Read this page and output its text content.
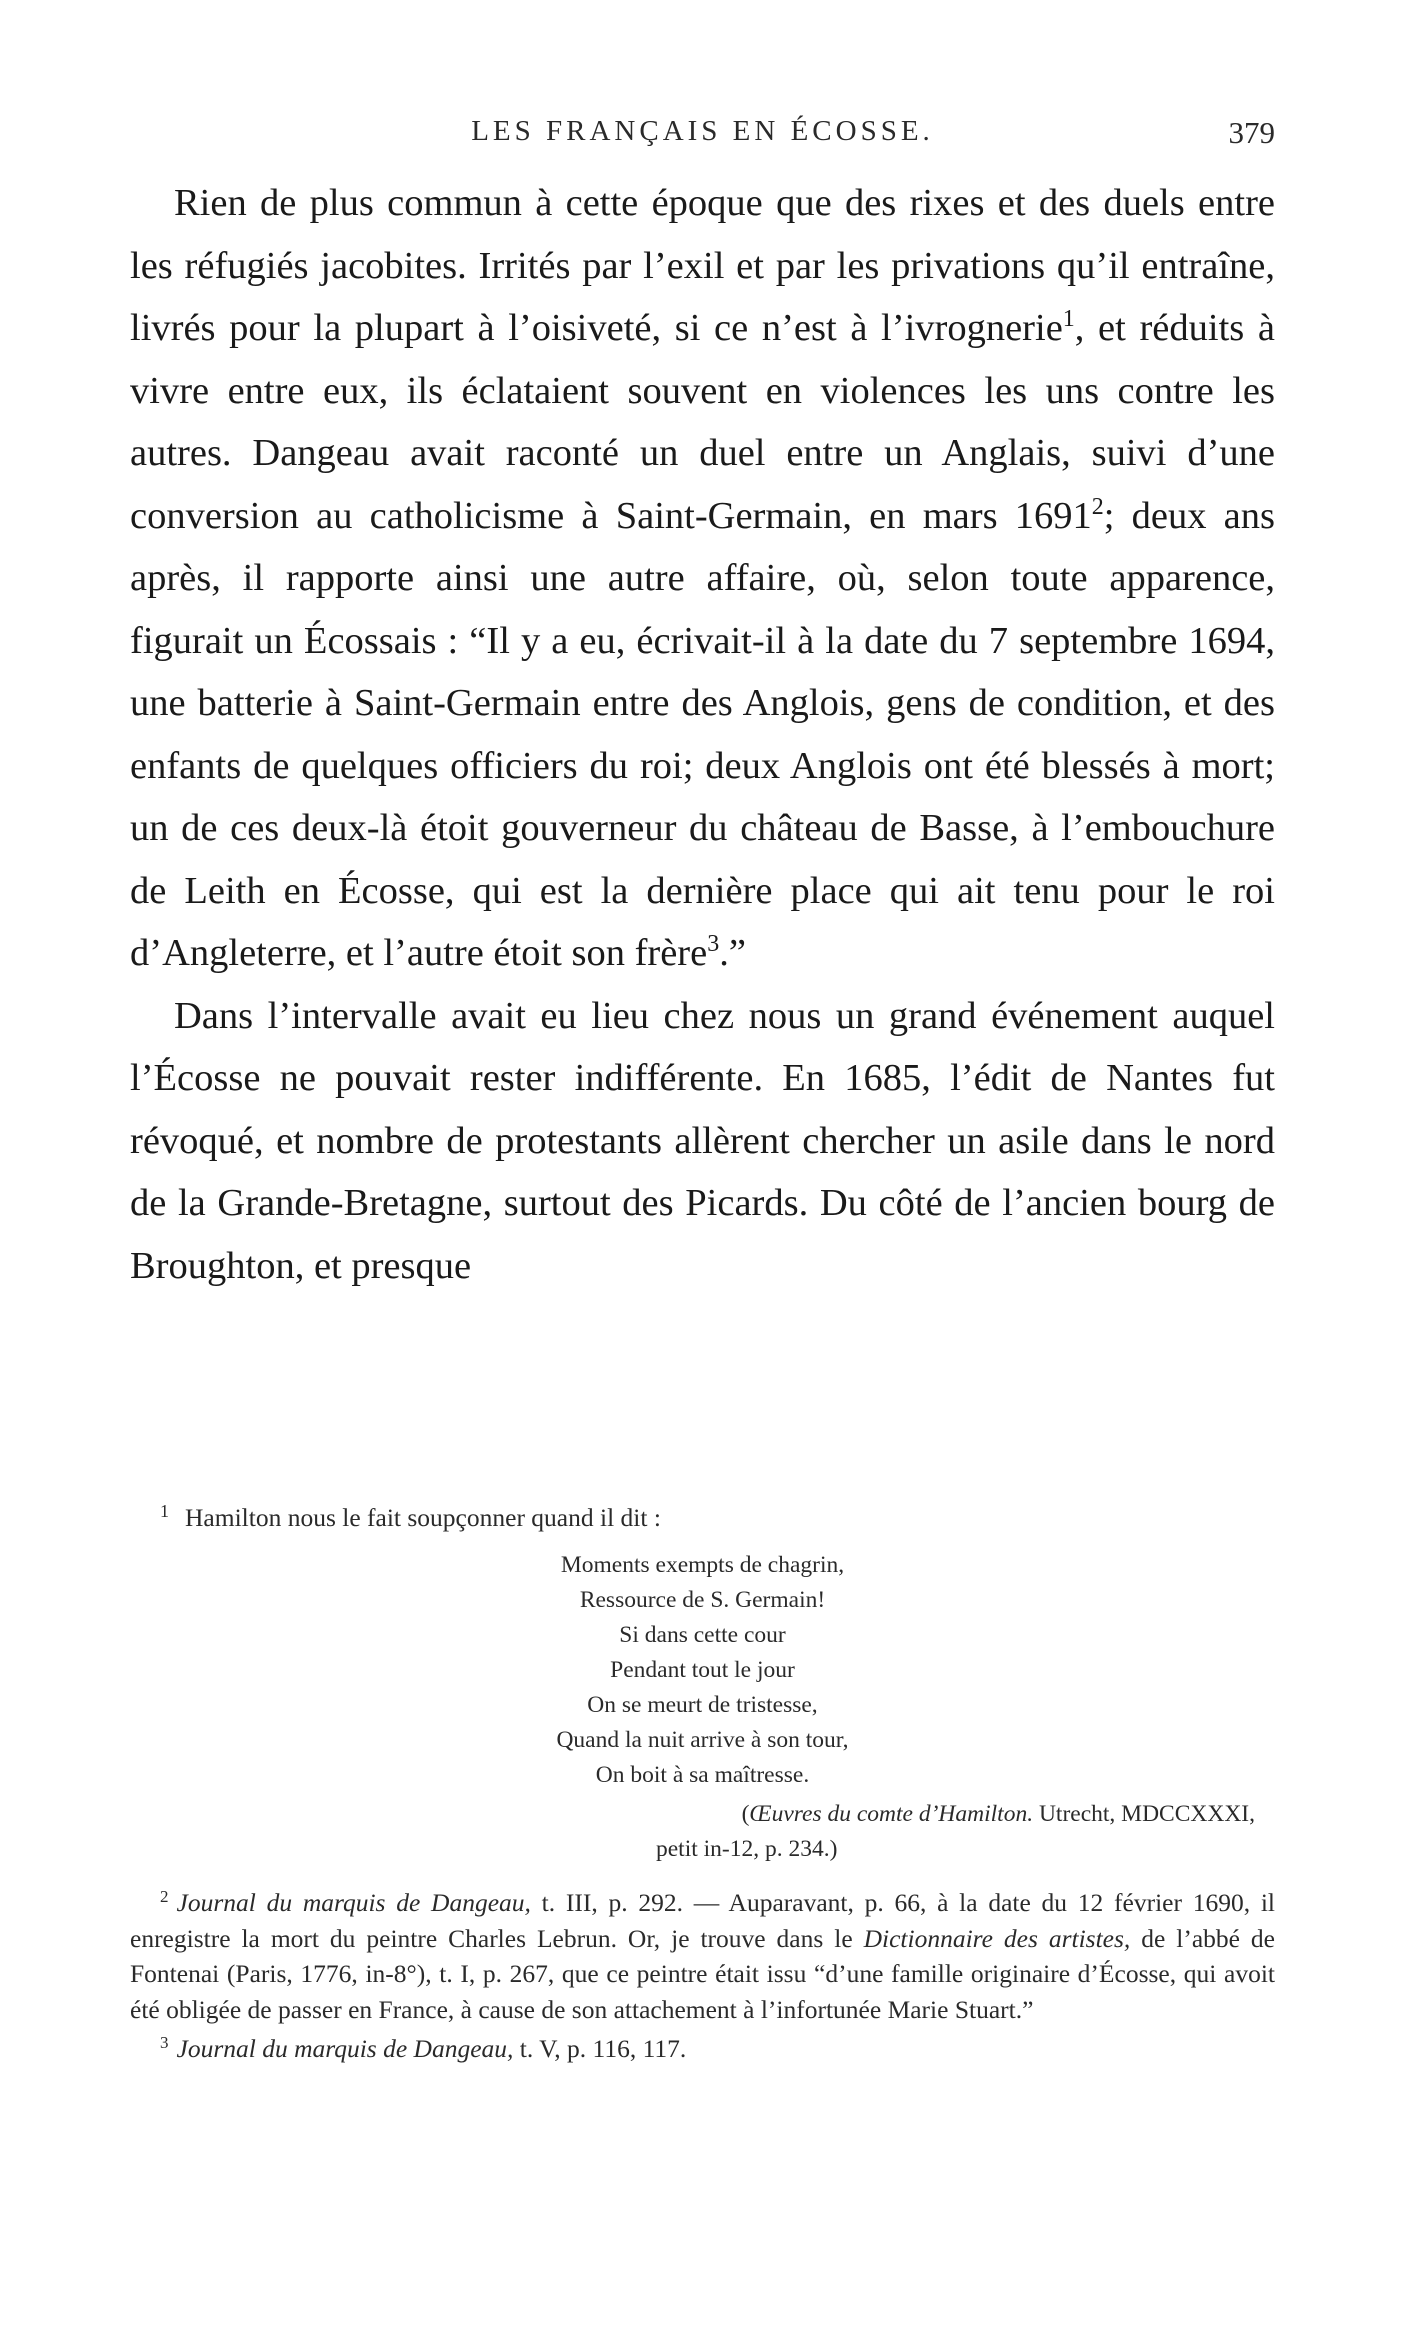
LES FRANÇAIS EN ÉCOSSE.	379

Rien de plus commun à cette époque que des rixes et des duels entre les réfugiés jacobites. Irrités par l’exil et par les privations qu’il entraîne, livrés pour la plupart à l’oisiveté, si ce n’est à l’ivrognerie$^1$, et réduits à vivre entre eux, ils éclataient souvent en violences les uns contre les autres. Dangeau avait raconté un duel entre un Anglais, suivi d’une conversion au catholicisme à Saint-Germain, en mars 1691$^2$; deux ans après, il rapporte ainsi une autre affaire, où, selon toute apparence, figurait un Écossais : “Il y a eu, écrivait-il à la date du 7 septembre 1694, une batterie à Saint-Germain entre des Anglois, gens de condition, et des enfants de quelques officiers du roi; deux Anglois ont été blessés à mort; un de ces deux-là étoit gouverneur du château de Basse, à l’embouchure de Leith en Écosse, qui est la dernière place qui ait tenu pour le roi d’Angleterre, et l’autre étoit son frère$^3$.”

Dans l’intervalle avait eu lieu chez nous un grand événement auquel l’Écosse ne pouvait rester indifférente. En 1685, l’édit de Nantes fut révoqué, et nombre de protestants allèrent chercher un asile dans le nord de la Grande-Bretagne, surtout des Picards. Du côté de l’ancien bourg de Broughton, et presque

$^1$ Hamilton nous le fait soupçonner quand il dit :
Moments exempts de chagrin,
Ressource de S. Germain!
Si dans cette cour
Pendant tout le jour
On se meurt de tristesse,
Quand la nuit arrive à son tour,
On boit à sa maîtresse.
(Œuvres du comte d’Hamilton. Utrecht, MDCCXXXI,
petit in-12, p. 234.)
$^2$ Journal du marquis de Dangeau, t. III, p. 292. — Auparavant, p. 66, à la date du 12 février 1690, il enregistre la mort du peintre Charles Lebrun. Or, je trouve dans le Dictionnaire des artistes, de l’abbé de Fontenai (Paris, 1776, in-8°), t. I, p. 267, que ce peintre était issu “d’une famille originaire d’Écosse, qui avoit été obligée de passer en France, à cause de son attachement à l’infortunée Marie Stuart.”
$^3$ Journal du marquis de Dangeau, t. V, p. 116, 117.
